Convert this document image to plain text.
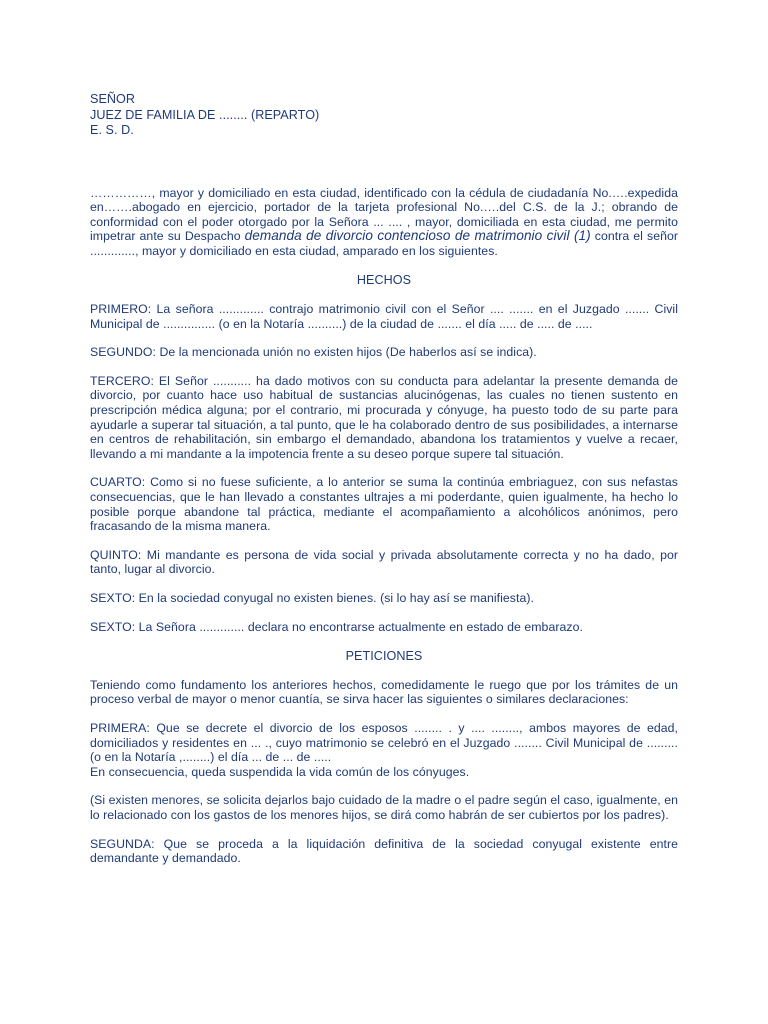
SEÑOR
JUEZ DE FAMILIA DE ........ (REPARTO)
E. S. D.

……………, mayor y domiciliado en esta ciudad, identificado con la cédula de ciudadanía No.….expedida en…….abogado en ejercicio, portador de la tarjeta profesional No.….del C.S. de la J.; obrando de conformidad con el poder otorgado por la Señora ... .... , mayor, domiciliada en esta ciudad, me permito impetrar ante su Despacho demanda de divorcio contencioso de matrimonio civil (1) contra el señor ............., mayor y domiciliado en esta ciudad, amparado en los siguientes.

HECHOS

PRIMERO: La señora ............. contrajo matrimonio civil con el Señor .... ....... en el Juzgado ....... Civil Municipal de ............... (o en la Notaría ..........) de la ciudad de ....... el día ..... de ..... de .....

SEGUNDO: De la mencionada unión no existen hijos (De haberlos así se indica).

TERCERO: El Señor ........... ha dado motivos con su conducta para adelantar la presente demanda de divorcio, por cuanto hace uso habitual de sustancias alucinógenas, las cuales no tienen sustento en prescripción médica alguna; por el contrario, mi procurada y cónyuge, ha puesto todo de su parte para ayudarle a superar tal situación, a tal punto, que le ha colaborado dentro de sus posibilidades, a internarse en centros de rehabilitación, sin embargo el demandado, abandona los tratamientos y vuelve a recaer, llevando a mi mandante a la impotencia frente a su deseo porque supere tal situación.

CUARTO: Como si no fuese suficiente, a lo anterior se suma la continúa embriaguez, con sus nefastas consecuencias, que le han llevado a constantes ultrajes a mi poderdante, quien igualmente, ha hecho lo posible porque abandone tal práctica, mediante el acompañamiento a alcohólicos anónimos, pero fracasando de la misma manera.

QUINTO: Mi mandante es persona de vida social y privada absolutamente correcta y no ha dado, por tanto, lugar al divorcio.

SEXTO: En la sociedad conyugal no existen bienes. (si lo hay así se manifiesta).

SEXTO: La Señora ............. declara no encontrarse actualmente en estado de embarazo.

PETICIONES

Teniendo como fundamento los anteriores hechos, comedidamente le ruego que por los trámites de un proceso verbal de mayor o menor cuantía, se sirva hacer las siguientes o similares declaraciones:

PRIMERA: Que se decrete el divorcio de los esposos ........ . y .... ........, ambos mayores de edad, domiciliados y residentes en ... ., cuyo matrimonio se celebró en el Juzgado ........ Civil Municipal de ......... (o en la Notaría ,........) el día ... de ... de .....
En consecuencia, queda suspendida la vida común de los cónyuges.

(Si existen menores, se solicita dejarlos bajo cuidado de la madre o el padre según el caso, igualmente, en lo relacionado con los gastos de los menores hijos, se dirá como habrán de ser cubiertos por los padres).

SEGUNDA: Que se proceda a la liquidación definitiva de la sociedad conyugal existente entre demandante y demandado.
